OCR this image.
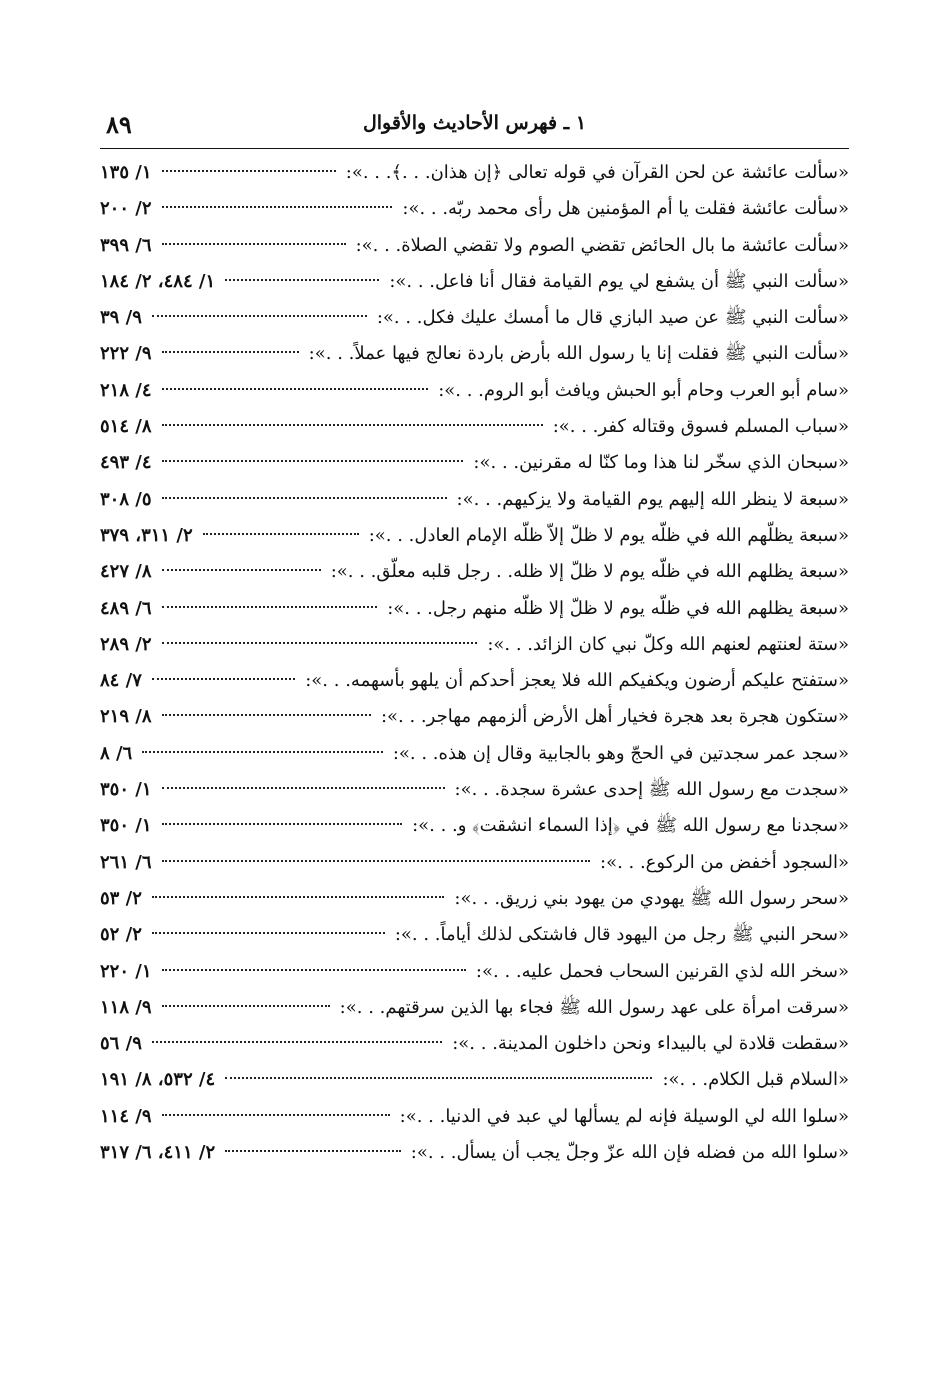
١ ـ فهرس الأحاديث والأقوال
٨٩
«سألت عائشة عن لحن القرآن في قوله تعالى ﴿إن هذان. . .﴾. . .»:
١/ ١٣٥
«سألت عائشة فقلت يا أم المؤمنين هل رأى محمد ربّه. . .»:
٢/ ٢٠٠
«سألت عائشة ما بال الحائض تقضي الصوم ولا تقضي الصلاة. . .»:
٦/ ٣٩٩
«سألت النبي ﷺ أن يشفع لي يوم القيامة فقال أنا فاعل. . .»:
١/ ٤٨٤، ٢/ ١٨٤
«سألت النبي ﷺ عن صيد البازي قال ما أمسك عليك فكل. . .»:
٩/ ٣٩
«سألت النبي ﷺ فقلت إنا يا رسول الله بأرض باردة نعالج فيها عملاً. . .»:
٩/ ٢٢٢
«سام أبو العرب وحام أبو الحبش ويافث أبو الروم. . .»:
٤/ ٢١٨
«سباب المسلم فسوق وقتاله كفر. . .»:
٨/ ٥١٤
«سبحان الذي سخّر لنا هذا وما كنّا له مقرنين. . .»:
٤/ ٤٩٣
«سبعة لا ينظر الله إليهم يوم القيامة ولا يزكيهم. . .»:
٥/ ٣٠٨
«سبعة يظلّهم الله في ظلّه يوم لا ظلّ إلاّ ظلّه الإمام العادل. . .»:
٢/ ٣١١، ٣٧٩
«سبعة يظلهم الله في ظلّه يوم لا ظلّ إلا ظله. . رجل قلبه معلّق. . .»:
٨/ ٤٢٧
«سبعة يظلهم الله في ظلّه يوم لا ظلّ إلا ظلّه منهم رجل. . .»:
٦/ ٤٨٩
«ستة لعنتهم لعنهم الله وكلّ نبي كان الزائد. . .»:
٢/ ٢٨٩
«ستفتح عليكم أرضون ويكفيكم الله فلا يعجز أحدكم أن يلهو بأسهمه. . .»:
٧/ ٨٤
«ستكون هجرة بعد هجرة فخيار أهل الأرض ألزمهم مهاجر. . .»:
٨/ ٢١٩
«سجد عمر سجدتين في الحجّ وهو بالجابية وقال إن هذه. . .»:
٦/ ٨
«سجدت مع رسول الله ﷺ إحدى عشرة سجدة. . .»:
١/ ٣٥٠
«سجدنا مع رسول الله ﷺ في ﴿إذا السماء انشقت﴾ و. . .»:
١/ ٣٥٠
«السجود أخفض من الركوع. . .»:
٦/ ٢٦١
«سحر رسول الله ﷺ يهودي من يهود بني زريق. . .»:
٢/ ٥٣
«سحر النبي ﷺ رجل من اليهود قال فاشتكى لذلك أياماً. . .»:
٢/ ٥٢
«سخر الله لذي القرنين السحاب فحمل عليه. . .»:
١/ ٢٢٠
«سرقت امرأة على عهد رسول الله ﷺ فجاء بها الذين سرقتهم. . .»:
٩/ ١١٨
«سقطت قلادة لي بالبيداء ونحن داخلون المدينة. . .»:
٩/ ٥٦
«السلام قبل الكلام. . .»:
٤/ ٥٣٢، ٨/ ١٩١
«سلوا الله لي الوسيلة فإنه لم يسألها لي عبد في الدنيا. . .»:
٩/ ١١٤
«سلوا الله من فضله فإن الله عزّ وجلّ يجب أن يسأل. . .»:
٢/ ٤١١، ٦/ ٣١٧
